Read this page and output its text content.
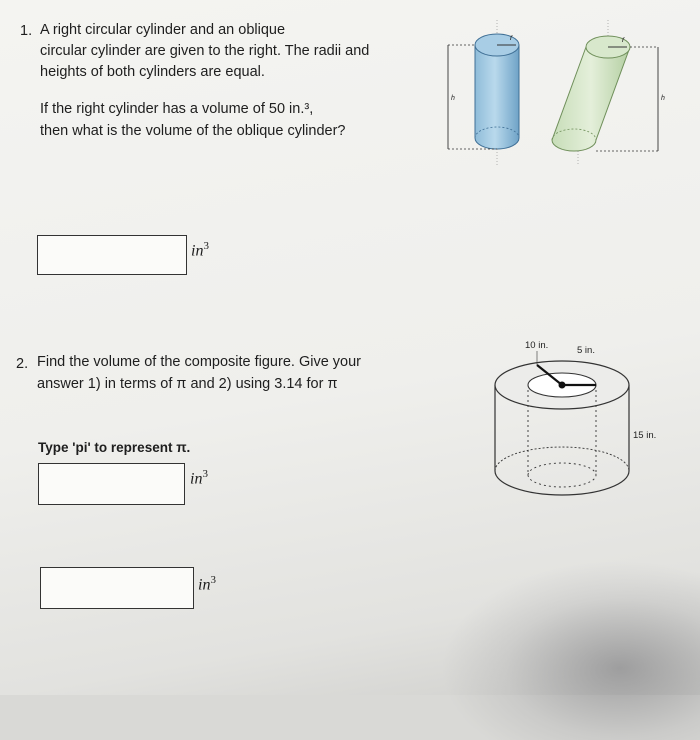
1. A right circular cylinder and an oblique
circular cylinder are given to the right. The radii and
heights of both cylinders are equal.
If the right cylinder has a volume of 50 in.³,
then what is the volume of the oblique cylinder?
$in^3$
r
h
r
h
2. Find the volume of the composite figure. Give your
answer 1) in terms of π and 2) using 3.14 for π
Type 'pi' to represent π.
$in^3$
$in^3$
10 in.	5 in.
15 in.
